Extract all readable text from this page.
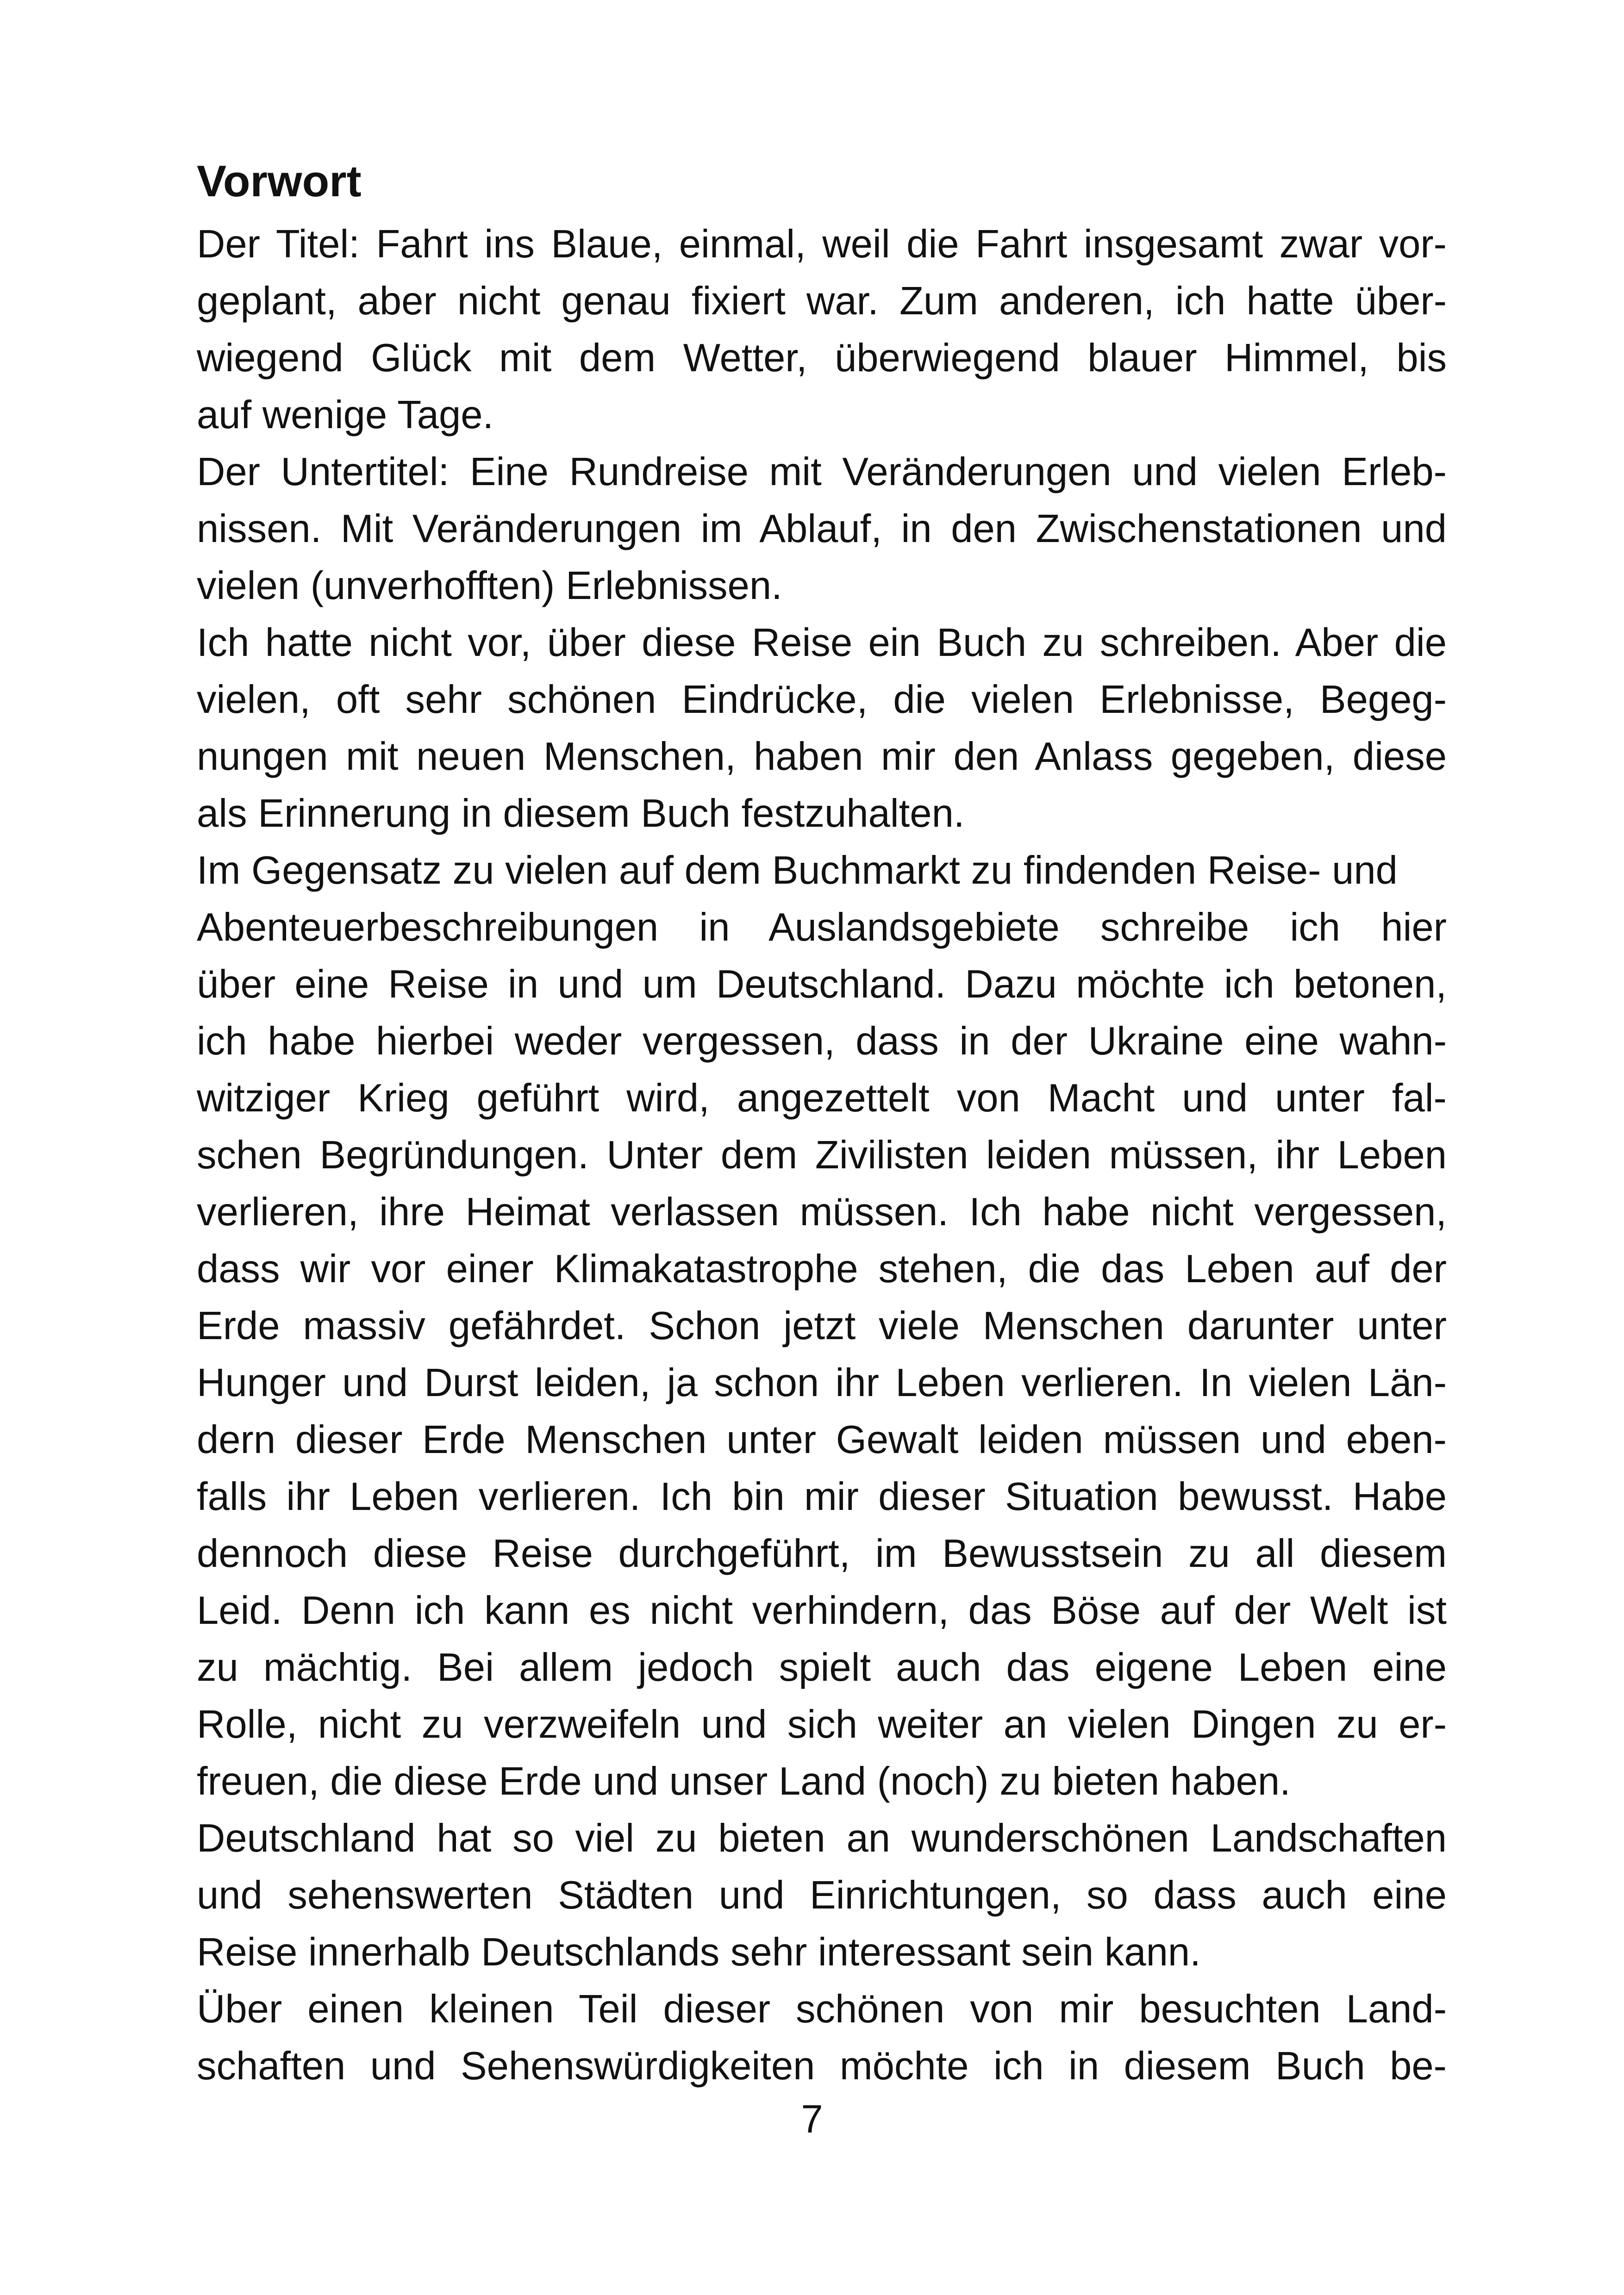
Vorwort

Der Titel: Fahrt ins Blaue, einmal, weil die Fahrt insgesamt zwar vor-
geplant, aber nicht genau fixiert war. Zum anderen, ich hatte über-
wiegend Glück mit dem Wetter, überwiegend blauer Himmel, bis
auf wenige Tage.

Der Untertitel: Eine Rundreise mit Veränderungen und vielen Erleb-
nissen. Mit Veränderungen im Ablauf, in den Zwischenstationen und
vielen (unverhofften) Erlebnissen.

Ich hatte nicht vor, über diese Reise ein Buch zu schreiben. Aber die
vielen, oft sehr schönen Eindrücke, die vielen Erlebnisse, Begeg-
nungen mit neuen Menschen, haben mir den Anlass gegeben, diese
als Erinnerung in diesem Buch festzuhalten.

Im Gegensatz zu vielen auf dem Buchmarkt zu findenden Reise- und
Abenteuerbeschreibungen in Auslandsgebiete schreibe ich hier
über eine Reise in und um Deutschland. Dazu möchte ich betonen,
ich habe hierbei weder vergessen, dass in der Ukraine eine wahn-
witziger Krieg geführt wird, angezettelt von Macht und unter fal-
schen Begründungen. Unter dem Zivilisten leiden müssen, ihr Leben
verlieren, ihre Heimat verlassen müssen. Ich habe nicht vergessen,
dass wir vor einer Klimakatastrophe stehen, die das Leben auf der
Erde massiv gefährdet. Schon jetzt viele Menschen darunter unter
Hunger und Durst leiden, ja schon ihr Leben verlieren. In vielen Län-
dern dieser Erde Menschen unter Gewalt leiden müssen und eben-
falls ihr Leben verlieren. Ich bin mir dieser Situation bewusst. Habe
dennoch diese Reise durchgeführt, im Bewusstsein zu all diesem
Leid. Denn ich kann es nicht verhindern, das Böse auf der Welt ist
zu mächtig. Bei allem jedoch spielt auch das eigene Leben eine
Rolle, nicht zu verzweifeln und sich weiter an vielen Dingen zu er-
freuen, die diese Erde und unser Land (noch) zu bieten haben.

Deutschland hat so viel zu bieten an wunderschönen Landschaften
und sehenswerten Städten und Einrichtungen, so dass auch eine
Reise innerhalb Deutschlands sehr interessant sein kann.

Über einen kleinen Teil dieser schönen von mir besuchten Land-
schaften und Sehenswürdigkeiten möchte ich in diesem Buch be-

7
